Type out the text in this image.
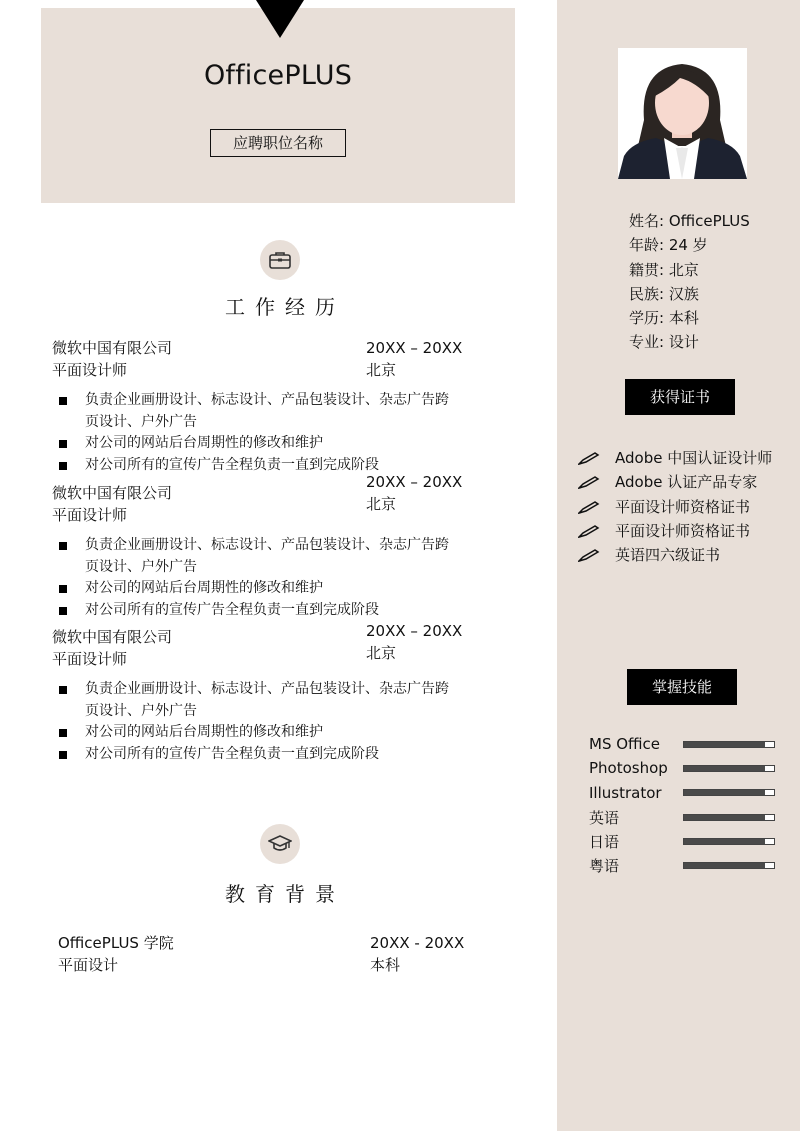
OfficePLUS
应聘职位名称
姓名: OfficePLUS
年龄: 24 岁
籍贯: 北京
民族: 汉族
学历: 本科
专业: 设计
获得证书
Adobe 中国认证设计师
Adobe 认证产品专家
平面设计师资格证书
平面设计师资格证书
英语四六级证书
掌握技能
MS Office
Photoshop
Illustrator
英语
日语
粤语
工作经历
微软中国有限公司
平面设计师
20XX – 20XX
北京
负责企业画册设计、标志设计、产品包装设计、杂志广告跨页设计、户外广告
对公司的网站后台周期性的修改和维护
对公司所有的宣传广告全程负责一直到完成阶段
微软中国有限公司
平面设计师
20XX – 20XX
北京
负责企业画册设计、标志设计、产品包装设计、杂志广告跨页设计、户外广告
对公司的网站后台周期性的修改和维护
对公司所有的宣传广告全程负责一直到完成阶段
微软中国有限公司
平面设计师
20XX – 20XX
北京
负责企业画册设计、标志设计、产品包装设计、杂志广告跨页设计、户外广告
对公司的网站后台周期性的修改和维护
对公司所有的宣传广告全程负责一直到完成阶段
教育背景
OfficePLUS 学院
平面设计
20XX - 20XX
本科
